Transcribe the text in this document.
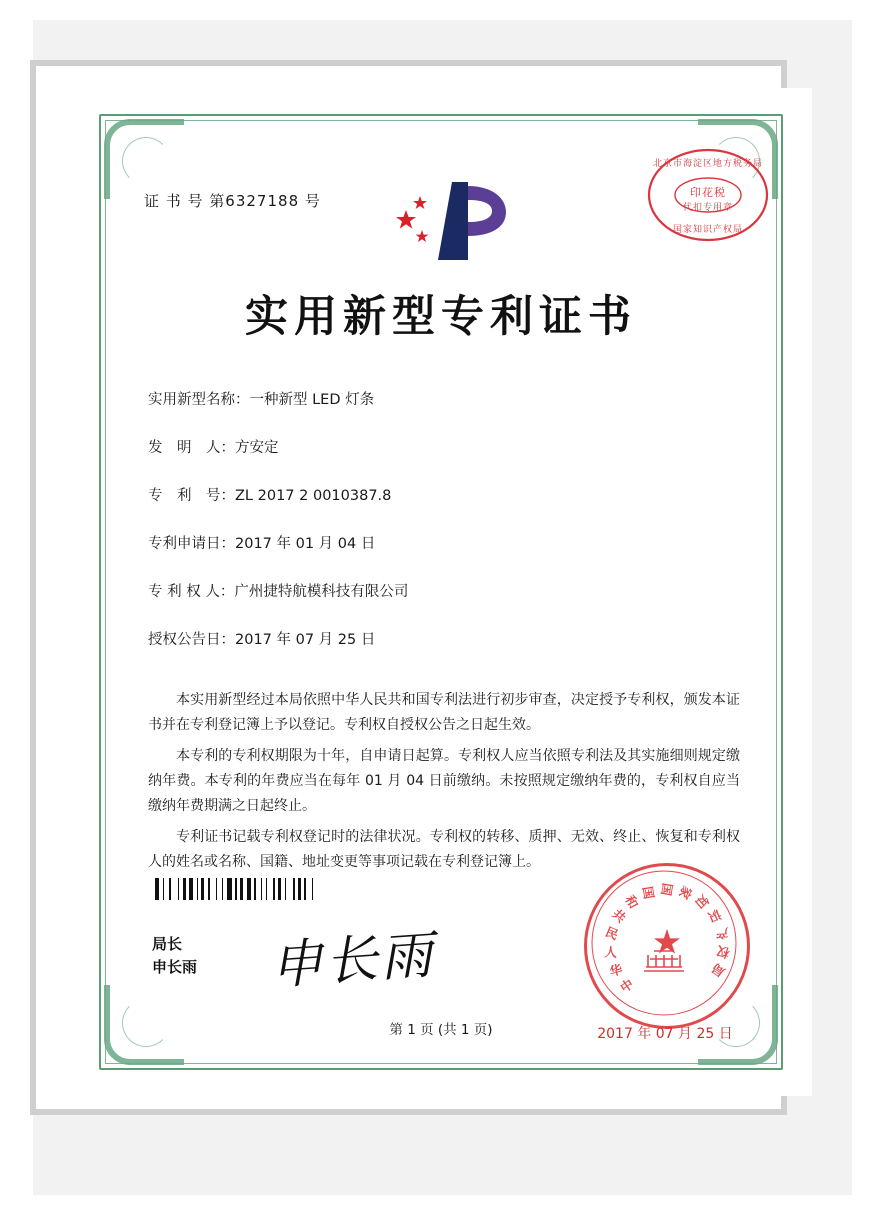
证 书 号 第6327188 号
北京市海淀区地方税务局
印花税
代扣专用章
国家知识产权局
实用新型专利证书
实用新型名称：一种新型 LED 灯条
发　明　人：方安定
专　利　号：ZL 2017 2 0010387.8
专利申请日：2017 年 01 月 04 日
专 利 权 人：广州捷特航模科技有限公司
授权公告日：2017 年 07 月 25 日

本实用新型经过本局依照中华人民共和国专利法进行初步审查，决定授予专利权，颁发本证书并在专利登记簿上予以登记。专利权自授权公告之日起生效。

本专利的专利权期限为十年，自申请日起算。专利权人应当依照专利法及其实施细则规定缴纳年费。本专利的年费应当在每年 01 月 04 日前缴纳。未按照规定缴纳年费的，专利权自应当缴纳年费期满之日起终止。

专利证书记载专利权登记时的法律状况。专利权的转移、质押、无效、终止、恢复和专利权人的姓名或名称、国籍、地址变更等事项记载在专利登记簿上。

局长
申长雨 申长雨	中
华
人
民
共
和
国 国 家
知
识
产
权
局
★
2017 年 07 月 25 日
第 1 页 (共 1 页)
